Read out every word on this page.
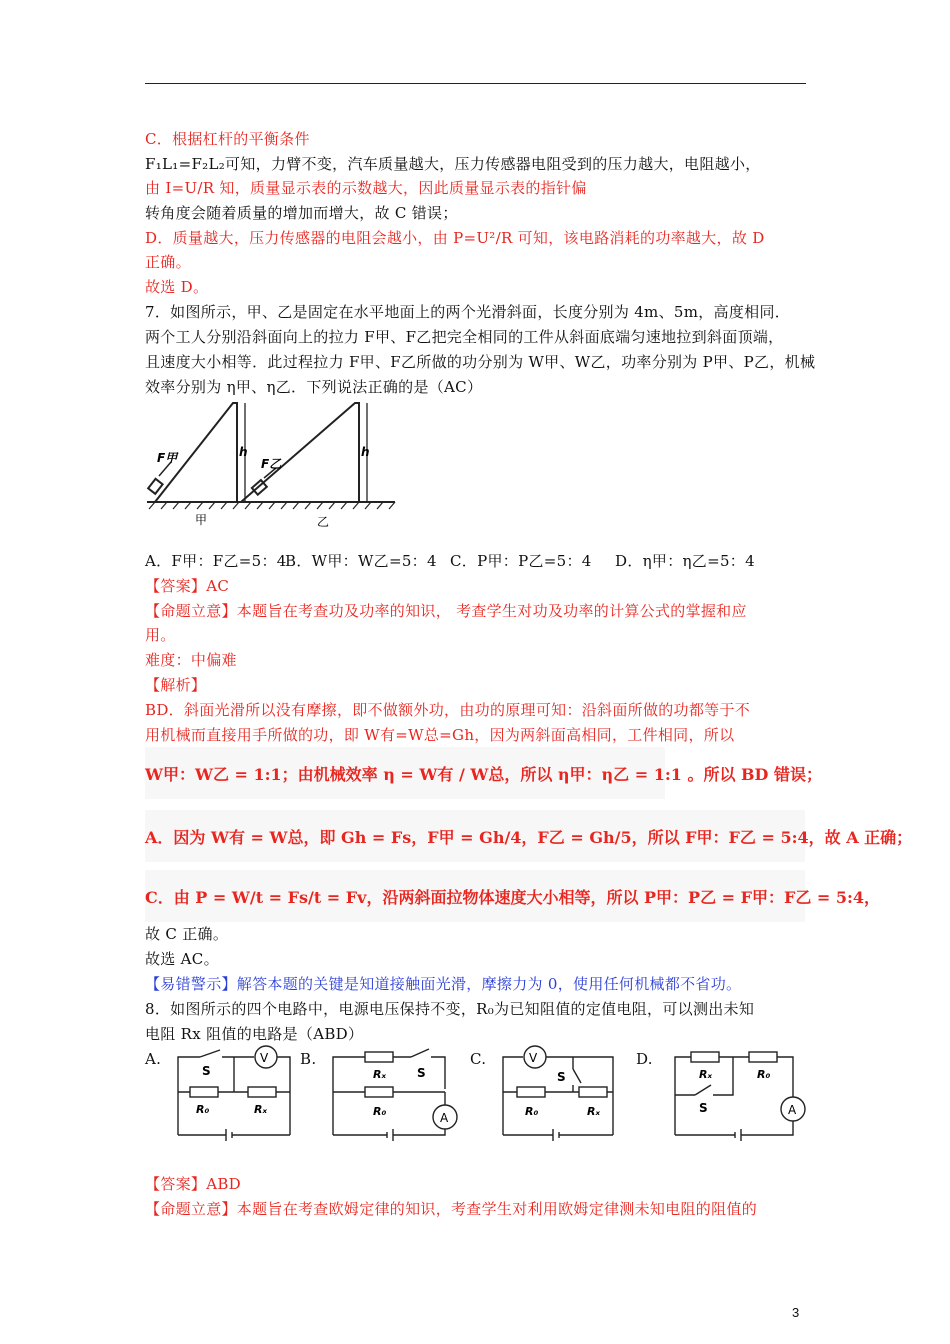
C．根据杠杆的平衡条件
F₁L₁=F₂L₂可知，力臂不变，汽车质量越大，压力传感器电阻受到的压力越大，电阻越小，
由 I=U/R 知，质量显示表的示数越大，因此质量显示表的指针偏
转角度会随着质量的增加而增大，故 C 错误；
D．质量越大，压力传感器的电阻会越小，由 P=U²/R 可知，该电路消耗的功率越大，故 D
正确。
故选 D。
7．如图所示，甲、乙是固定在水平地面上的两个光滑斜面，长度分别为 4m、5m，高度相同．
两个工人分别沿斜面向上的拉力 F甲、F乙把完全相同的工件从斜面底端匀速地拉到斜面顶端，
且速度大小相等．此过程拉力 F甲、F乙所做的功分别为 W甲、W乙，功率分别为 P甲、P乙，机械
效率分别为 η甲、η乙．下列说法正确的是（AC）
F甲	F乙
h	h
甲	乙
A．F甲：F乙=5：4B．W甲：W乙=5：4 C．P甲：P乙=5：4 D．η甲：η乙=5：4
【答案】AC
【命题立意】本题旨在考查功及功率的知识， 考查学生对功及功率的计算公式的掌握和应
用。
难度：中偏难
【解析】
BD．斜面光滑所以没有摩擦，即不做额外功，由功的原理可知：沿斜面所做的功都等于不
用机械而直接用手所做的功，即 W有=W总=Gh，因为两斜面高相同，工件相同，所以
W甲：W乙 = 1:1；由机械效率 η = W有 / W总，所以 η甲：η乙 = 1:1 。所以 BD 错误；
A．因为 W有 = W总，即 Gh = Fs，F甲 = Gh/4，F乙 = Gh/5，所以 F甲：F乙 = 5:4，故 A 正确；
C．由 P = W/t = Fs/t = Fv，沿两斜面拉物体速度大小相等，所以 P甲：P乙 = F甲：F乙 = 5:4，
故 C 正确。
故选 AC。
【易错警示】解答本题的关键是知道接触面光滑，摩擦力为 0，使用任何机械都不省功。
8．如图所示的四个电路中，电源电压保持不变，R₀为已知阻值的定值电阻，可以测出未知
电阻 Rx 阻值的电路是（ABD）
A.	V
S
R₀	Rₓ
B.
Rₓ	S
R₀	A
C.	V
S
R₀	Rₓ
D.
Rₓ	R₀
S	A
【答案】ABD
【命题立意】本题旨在考查欧姆定律的知识，考查学生对利用欧姆定律测未知电阻的阻值的
3
